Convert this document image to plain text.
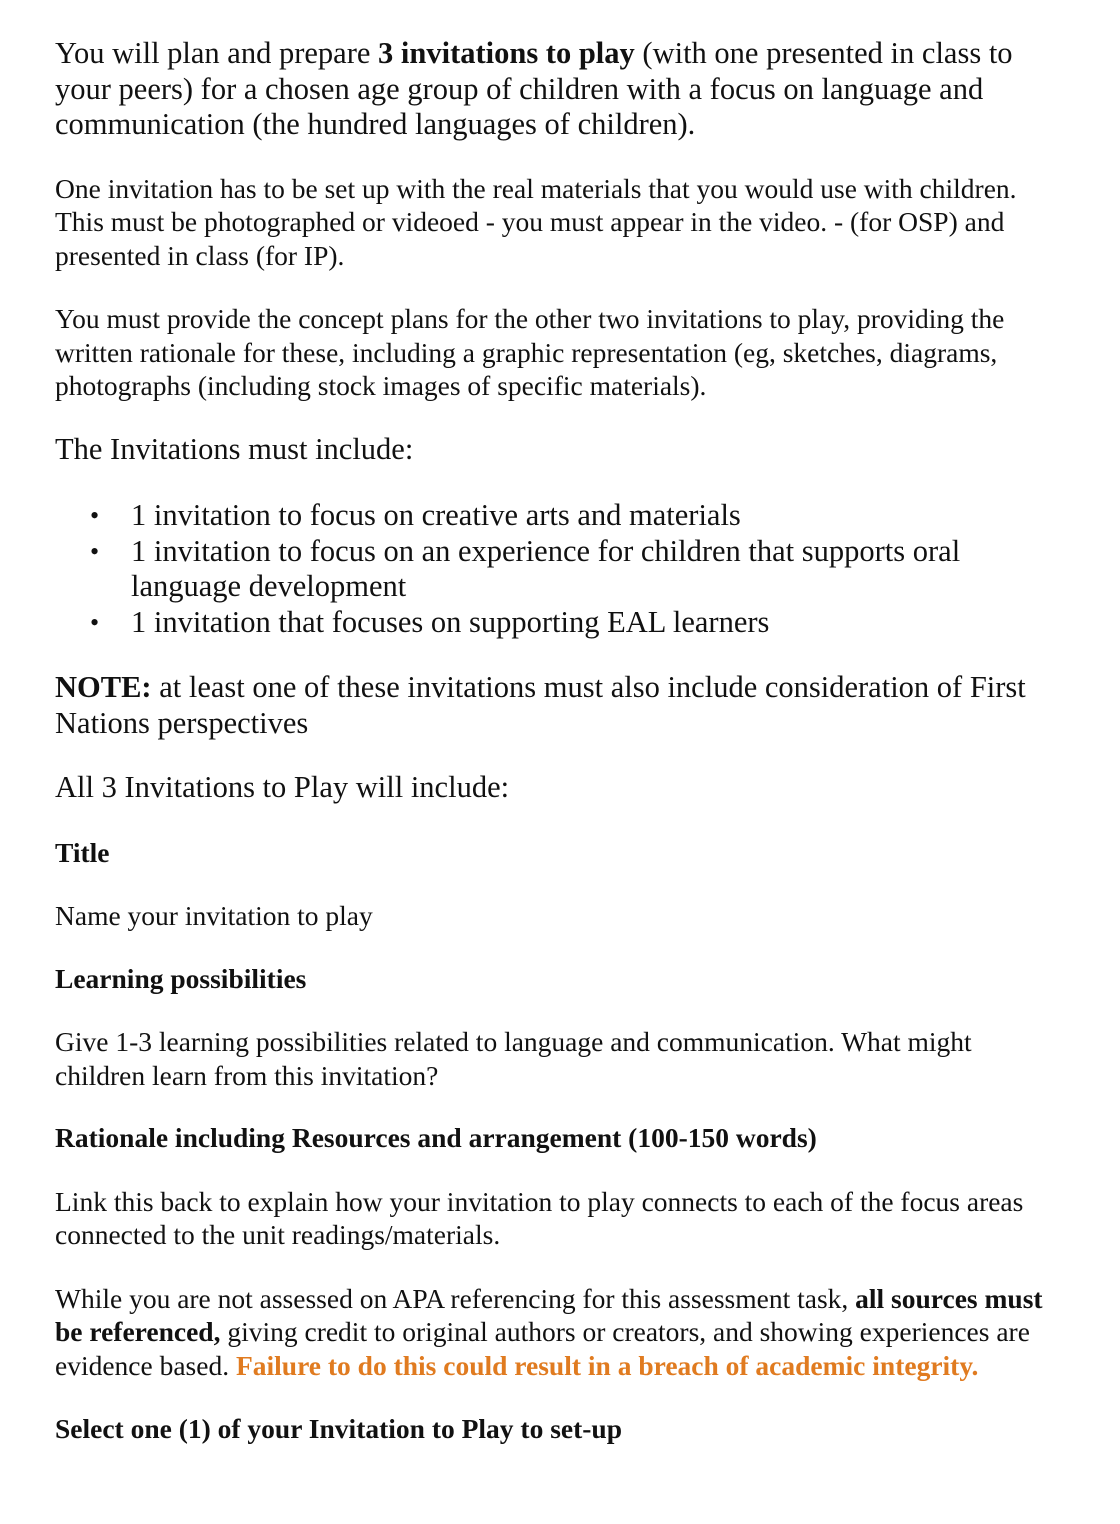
You will plan and prepare 3 invitations to play (with one presented in class to your peers) for a chosen age group of children with a focus on language and communication (the hundred languages of children).

One invitation has to be set up with the real materials that you would use with children. This must be photographed or videoed - you must appear in the video. - (for OSP) and presented in class (for IP).

You must provide the concept plans for the other two invitations to play, providing the written rationale for these, including a graphic representation (eg, sketches, diagrams, photographs (including stock images of specific materials).

The Invitations must include:

• 1 invitation to focus on creative arts and materials
• 1 invitation to focus on an experience for children that supports oral language development
• 1 invitation that focuses on supporting EAL learners

NOTE: at least one of these invitations must also include consideration of First Nations perspectives

All 3 Invitations to Play will include:

Title

Name your invitation to play

Learning possibilities

Give 1-3 learning possibilities related to language and communication. What might children learn from this invitation?

Rationale including Resources and arrangement (100-150 words)

Link this back to explain how your invitation to play connects to each of the focus areas connected to the unit readings/materials.

While you are not assessed on APA referencing for this assessment task, all sources must be referenced, giving credit to original authors or creators, and showing experiences are evidence based. Failure to do this could result in a breach of academic integrity.

Select one (1) of your Invitation to Play to set-up
